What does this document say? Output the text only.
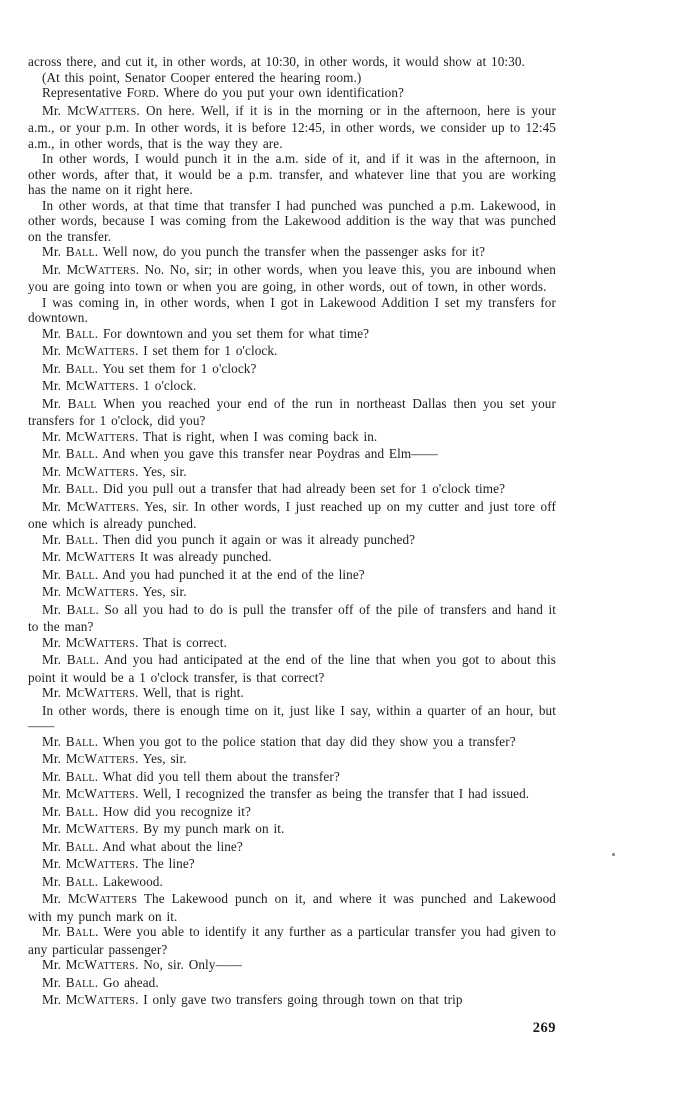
across there, and cut it, in other words, at 10:30, in other words, it would show at 10:30.

(At this point, Senator Cooper entered the hearing room.)

Representative FORD. Where do you put your own identification?

Mr. MCWATTERS. On here. Well, if it is in the morning or in the afternoon, here is your a.m., or your p.m. In other words, it is before 12:45, in other words, we consider up to 12:45 a.m., in other words, that is the way they are.

In other words, I would punch it in the a.m. side of it, and if it was in the afternoon, in other words, after that, it would be a p.m. transfer, and whatever line that you are working has the name on it right here.

In other words, at that time that transfer I had punched was punched a p.m. Lakewood, in other words, because I was coming from the Lakewood addition is the way that was punched on the transfer.

Mr. BALL. Well now, do you punch the transfer when the passenger asks for it?

Mr. MCWATTERS. No. No, sir; in other words, when you leave this, you are inbound when you are going into town or when you are going, in other words, out of town, in other words.

I was coming in, in other words, when I got in Lakewood Addition I set my transfers for downtown.

Mr. BALL. For downtown and you set them for what time?

Mr. MCWATTERS. I set them for 1 o'clock.

Mr. BALL. You set them for 1 o'clock?

Mr. MCWATTERS. 1 o'clock.

Mr. BALL When you reached your end of the run in northeast Dallas then you set your transfers for 1 o'clock, did you?

Mr. MCWATTERS. That is right, when I was coming back in.

Mr. BALL. And when you gave this transfer near Poydras and Elm——

Mr. MCWATTERS. Yes, sir.

Mr. BALL. Did you pull out a transfer that had already been set for 1 o'clock time?

Mr. MCWATTERS. Yes, sir. In other words, I just reached up on my cutter and just tore off one which is already punched.

Mr. BALL. Then did you punch it again or was it already punched?

Mr. MCWATTERS It was already punched.

Mr. BALL. And you had punched it at the end of the line?

Mr. MCWATTERS. Yes, sir.

Mr. BALL. So all you had to do is pull the transfer off of the pile of transfers and hand it to the man?

Mr. MCWATTERS. That is correct.

Mr. BALL. And you had anticipated at the end of the line that when you got to about this point it would be a 1 o'clock transfer, is that correct?

Mr. MCWATTERS. Well, that is right.

In other words, there is enough time on it, just like I say, within a quarter of an hour, but——

Mr. BALL. When you got to the police station that day did they show you a transfer?

Mr. MCWATTERS. Yes, sir.

Mr. BALL. What did you tell them about the transfer?

Mr. MCWATTERS. Well, I recognized the transfer as being the transfer that I had issued.

Mr. BALL. How did you recognize it?

Mr. MCWATTERS. By my punch mark on it.

Mr. BALL. And what about the line?

Mr. MCWATTERS. The line?

Mr. BALL. Lakewood.

Mr. MCWATTERS The Lakewood punch on it, and where it was punched and Lakewood with my punch mark on it.

Mr. BALL. Were you able to identify it any further as a particular transfer you had given to any particular passenger?

Mr. MCWATTERS. No, sir. Only——

Mr. BALL. Go ahead.

Mr. MCWATTERS. I only gave two transfers going through town on that trip

269
